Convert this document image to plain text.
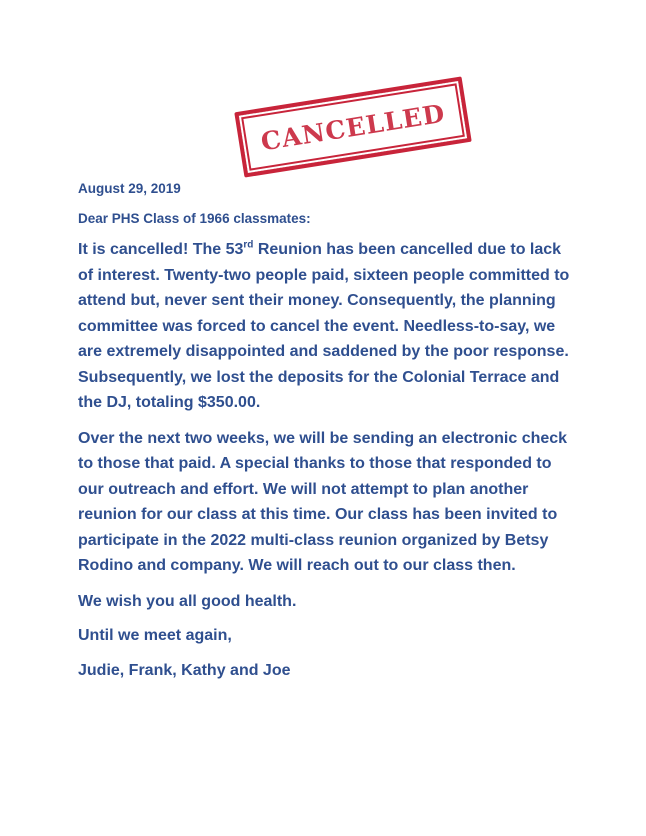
CANCELLED

August 29, 2019

Dear PHS Class of 1966 classmates:

It is cancelled! The 53rd Reunion has been cancelled due to lack of interest. Twenty-two people paid, sixteen people committed to attend but, never sent their money. Consequently, the planning committee was forced to cancel the event. Needless-to-say, we are extremely disappointed and saddened by the poor response. Subsequently, we lost the deposits for the Colonial Terrace and the DJ, totaling $350.00.

Over the next two weeks, we will be sending an electronic check to those that paid. A special thanks to those that responded to our outreach and effort. We will not attempt to plan another reunion for our class at this time. Our class has been invited to participate in the 2022 multi-class reunion organized by Betsy Rodino and company. We will reach out to our class then.

We wish you all good health.

Until we meet again,

Judie, Frank, Kathy and Joe
